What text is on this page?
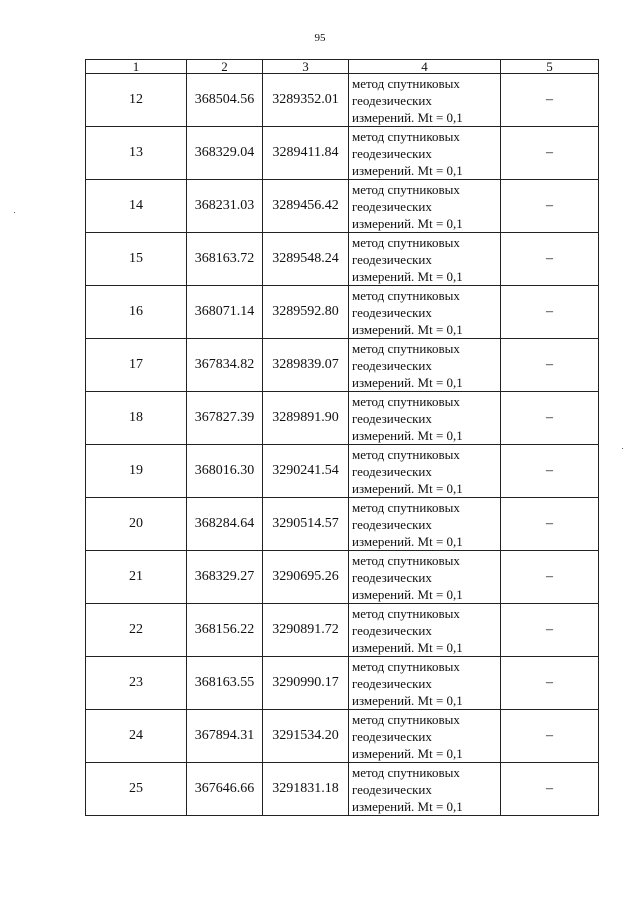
95
1	2	3	4	5
12	368504.56	3289352.01	метод спутниковых
геодезических
измерений. Mt = 0,1	–
13	368329.04	3289411.84	метод спутниковых
геодезических
измерений. Mt = 0,1	–
14	368231.03	3289456.42	метод спутниковых
геодезических
измерений. Mt = 0,1	–
15	368163.72	3289548.24	метод спутниковых
геодезических
измерений. Mt = 0,1	–
16	368071.14	3289592.80	метод спутниковых
геодезических
измерений. Mt = 0,1	–
17	367834.82	3289839.07	метод спутниковых
геодезических
измерений. Mt = 0,1	–
18	367827.39	3289891.90	метод спутниковых
геодезических
измерений. Mt = 0,1	–
19	368016.30	3290241.54	метод спутниковых
геодезических
измерений. Mt = 0,1	–
20	368284.64	3290514.57	метод спутниковых
геодезических
измерений. Mt = 0,1	–
21	368329.27	3290695.26	метод спутниковых
геодезических
измерений. Mt = 0,1	–
22	368156.22	3290891.72	метод спутниковых
геодезических
измерений. Mt = 0,1	–
23	368163.55	3290990.17	метод спутниковых
геодезических
измерений. Mt = 0,1	–
24	367894.31	3291534.20	метод спутниковых
геодезических
измерений. Mt = 0,1	–
25	367646.66	3291831.18	метод спутниковых
геодезических
измерений. Mt = 0,1	–
